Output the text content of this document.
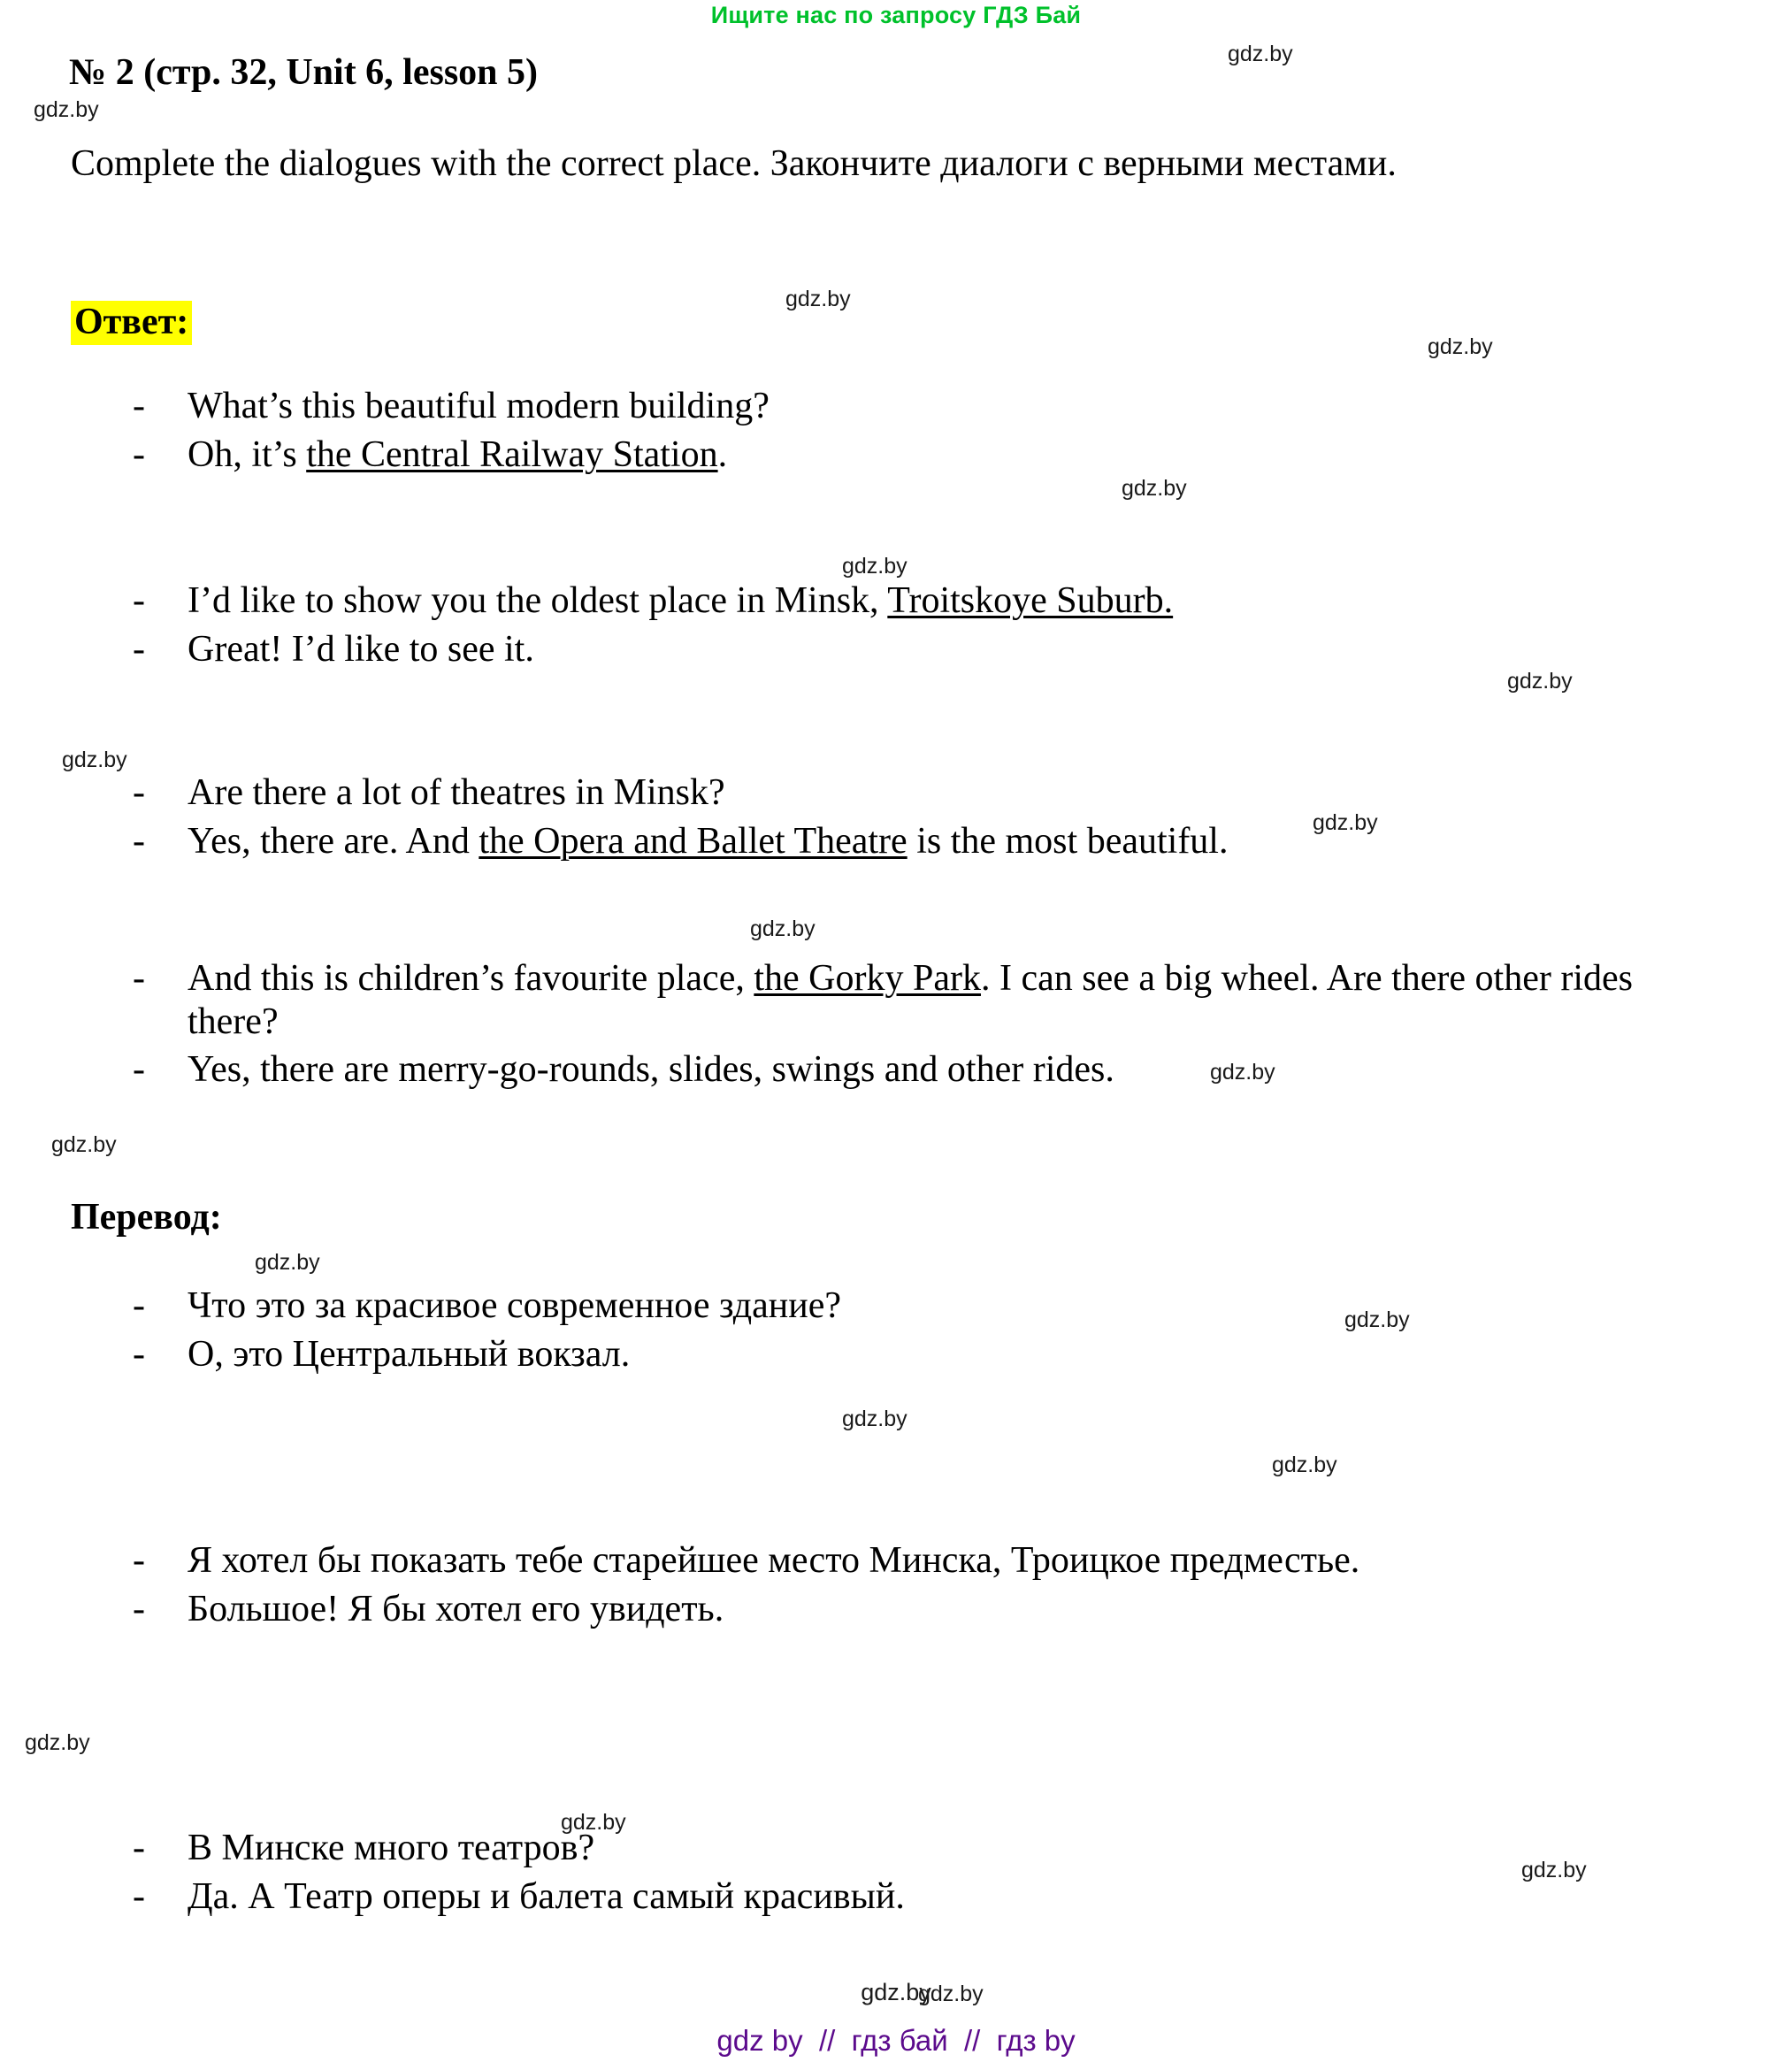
Ищите нас по запросу ГДЗ Бай
№ 2 (стр. 32, Unit 6, lesson 5)
Complete the dialogues with the correct place. Закончите диалоги с верными местами.
Ответ:
Перевод:
-	What’s this beautiful modern building?
-	Oh, it’s the Central Railway Station.
-	I’d like to show you the oldest place in Minsk, Troitskoye Suburb.
-	Great! I’d like to see it.
-	Are there a lot of theatres in Minsk?
-	Yes, there are. And the Opera and Ballet Theatre is the most beautiful.
-	And this is children’s favourite place, the Gorky Park. I can see a big wheel. Are there other rides there?
-	Yes, there are merry-go-rounds, slides, swings and other rides.
-	Что это за красивое современное здание?
-	О, это Центральный вокзал.
-	Я хотел бы показать тебе старейшее место Минска, Троицкое предместье.
-	Большое! Я бы хотел его увидеть.
-	В Минске много театров?
-	Да. А Театр оперы и балета самый красивый.
gdz.by
gdz.by
gdz.by
gdz.by
gdz.by
gdz.by
gdz.by
gdz.by
gdz.by
gdz.by
gdz.by
gdz.by
gdz.by
gdz.by
gdz.by
gdz.by
gdz.by
gdz.by
gdz.by
gdz.by
gdz.by
gdz by  //  гдз бай  //  гдз by
